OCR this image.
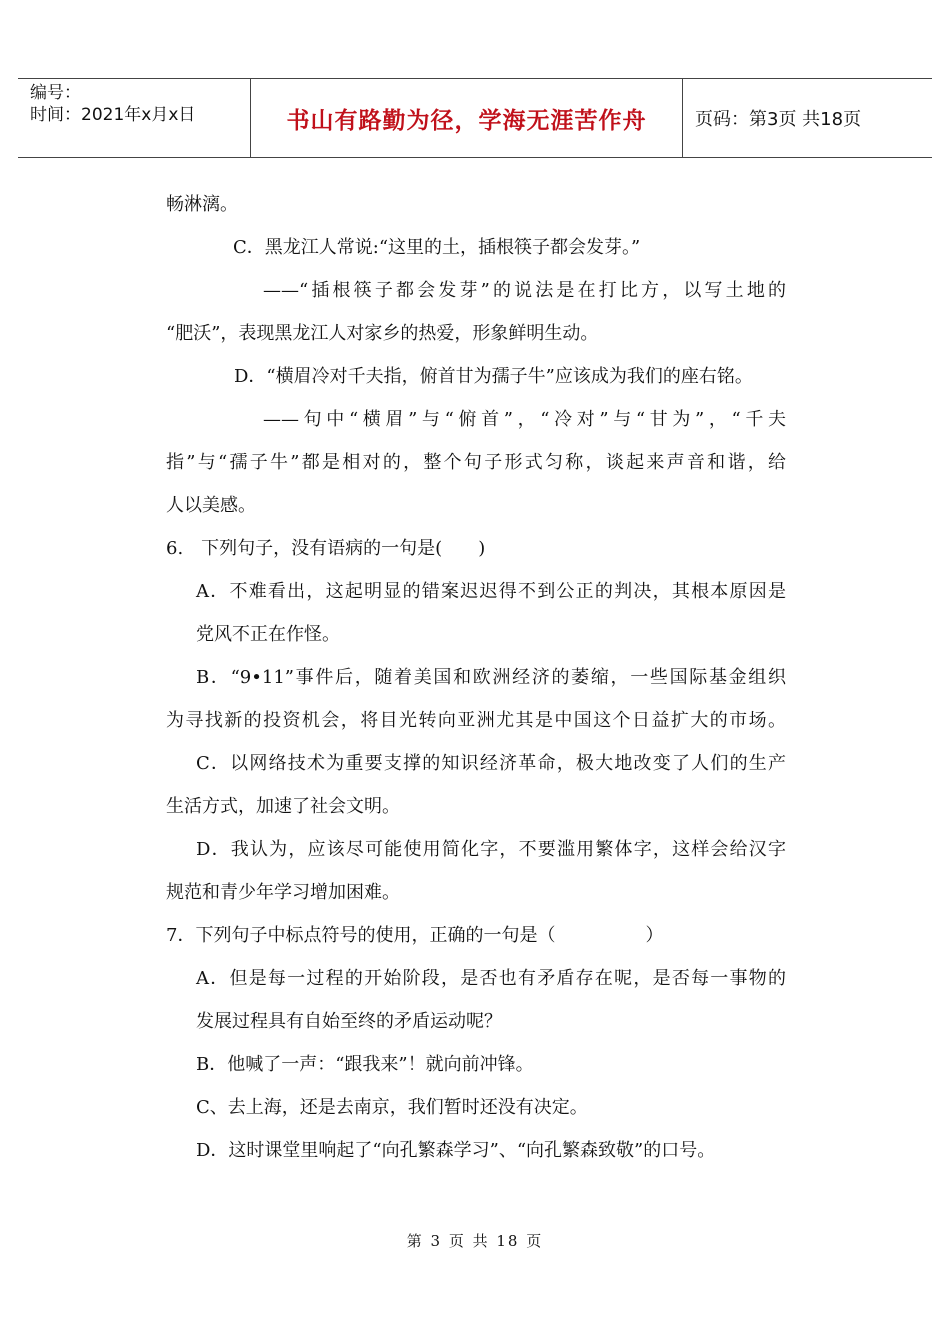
编号：
时间：2021年x月x日	书山有路勤为径，学海无涯苦作舟	页码：第3页 共18页
畅淋漓。
C．黑龙江人常说:“这里的土，插根筷子都会发芽。”
——“插根筷子都会发芽”的说法是在打比方，以写土地的
“肥沃”，表现黑龙江人对家乡的热爱，形象鲜明生动。
D．“横眉冷对千夫指，俯首甘为孺子牛”应该成为我们的座右铭。
——句中“横眉”与“俯首”，“冷对”与“甘为”，“千夫
指”与“孺子牛”都是相对的，整个句子形式匀称，谈起来声音和谐，给
人以美感。
6.　下列句子，没有语病的一句是(　　)
A．不难看出，这起明显的错案迟迟得不到公正的判决，其根本原因是
党风不正在作怪。
B．“9•11”事件后，随着美国和欧洲经济的萎缩，一些国际基金组织
为寻找新的投资机会，将目光转向亚洲尤其是中国这个日益扩大的市场。
C．以网络技术为重要支撑的知识经济革命，极大地改变了人们的生产
生活方式，加速了社会文明。
D．我认为，应该尽可能使用简化字，不要滥用繁体字，这样会给汉字
规范和青少年学习增加困难。
7．下列句子中标点符号的使用，正确的一句是（　　　　　）
A．但是每一过程的开始阶段，是否也有矛盾存在呢，是否每一事物的
发展过程具有自始至终的矛盾运动呢？
B．他喊了一声：“跟我来”！就向前冲锋。
C、去上海，还是去南京，我们暂时还没有决定。
D．这时课堂里响起了“向孔繁森学习”、“向孔繁森致敬”的口号。
第 3 页 共 18 页
